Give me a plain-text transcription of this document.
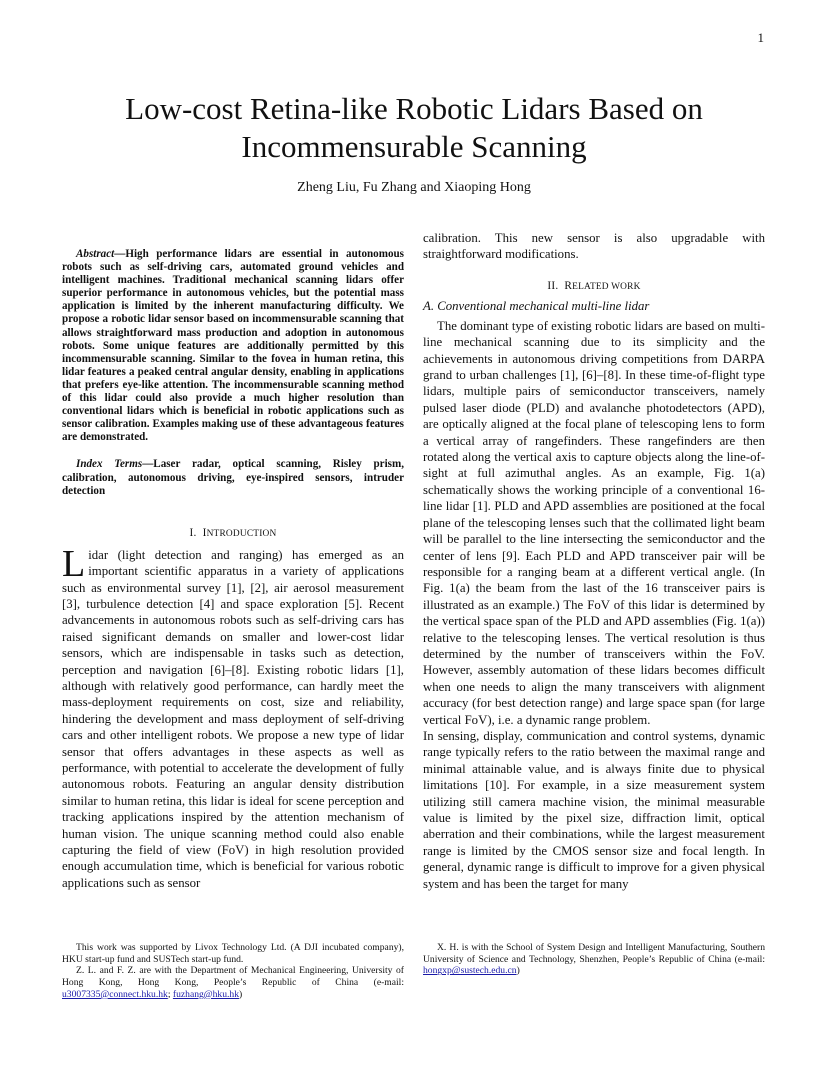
1
Low-cost Retina-like Robotic Lidars Based on
Incommensurable Scanning
Zheng Liu, Fu Zhang and Xiaoping Hong

Abstract—High performance lidars are essential in autonomous robots such as self-driving cars, automated ground vehicles and intelligent machines. Traditional mechanical scanning lidars offer superior performance in autonomous vehicles, but the potential mass application is limited by the inherent manufacturing difficulty. We propose a robotic lidar sensor based on incommensurable scanning that allows straightforward mass production and adoption in autonomous robots. Some unique features are additionally permitted by this incommensurable scanning. Similar to the fovea in human retina, this lidar features a peaked central angular density, enabling in applications that prefers eye-like attention. The incommensurable scanning method of this lidar could also provide a much higher resolution than conventional lidars which is beneficial in robotic applications such as sensor calibration. Examples making use of these advantageous features are demonstrated.

Index Terms—Laser radar, optical scanning, Risley prism, calibration, autonomous driving, eye-inspired sensors, intruder detection

I. INTRODUCTION

Lidar (light detection and ranging) has emerged as an important scientific apparatus in a variety of applications such as environmental survey [1], [2], air aerosol measurement [3], turbulence detection [4] and space exploration [5]. Recent advancements in autonomous robots such as self-driving cars has raised significant demands on smaller and lower-cost lidar sensors, which are indispensable in tasks such as detection, perception and navigation [6]–[8]. Existing robotic lidars [1], although with relatively good performance, can hardly meet the mass-deployment requirements on cost, size and reliability, hindering the development and mass deployment of self-driving cars and other intelligent robots. We propose a new type of lidar sensor that offers advantages in these aspects as well as performance, with potential to accelerate the development of fully autonomous robots. Featuring an angular density distribution similar to human retina, this lidar is ideal for scene perception and tracking applications inspired by the attention mechanism of human vision. The unique scanning method could also enable capturing the field of view (FoV) in high resolution provided enough accumulation time, which is beneficial for various robotic applications such as sensor

calibration. This new sensor is also upgradable with straightforward modifications.

II. RELATED WORK
A. Conventional mechanical multi-line lidar

The dominant type of existing robotic lidars are based on multi-line mechanical scanning due to its simplicity and the achievements in autonomous driving competitions from DARPA grand to urban challenges [1], [6]–[8]. In these time-of-flight type lidars, multiple pairs of semiconductor transceivers, namely pulsed laser diode (PLD) and avalanche photodetectors (APD), are optically aligned at the focal plane of telescoping lens to form a vertical array of rangefinders. These rangefinders are then rotated along the vertical axis to capture objects along the line-of-sight at full azimuthal angles. As an example, Fig. 1(a) schematically shows the working principle of a conventional 16-line lidar [1]. PLD and APD assemblies are positioned at the focal plane of the telescoping lenses such that the collimated light beam will be parallel to the line intersecting the semiconductor and the center of lens [9]. Each PLD and APD transceiver pair will be responsible for a ranging beam at a different vertical angle. (In Fig. 1(a) the beam from the last of the 16 transceiver pairs is illustrated as an example.) The FoV of this lidar is determined by the vertical space span of the PLD and APD assemblies (Fig. 1(a)) relative to the telescoping lenses. The vertical resolution is thus determined by the number of transceivers within the FoV. However, assembly automation of these lidars becomes difficult when one needs to align the many transceivers with alignment accuracy (for best detection range) and large space span (for large vertical FoV), i.e. a dynamic range problem.

In sensing, display, communication and control systems, dynamic range typically refers to the ratio between the maximal range and minimal attainable value, and is always finite due to physical limitations [10]. For example, in a size measurement system utilizing still camera machine vision, the minimal measurable value is limited by the pixel size, diffraction limit, optical aberration and their combinations, while the largest measurement range is limited by the CMOS sensor size and focal length. In general, dynamic range is difficult to improve for a given physical system and has been the target for many

This work was supported by Livox Technology Ltd. (A DJI incubated company), HKU start-up fund and SUSTech start-up fund.

Z. L. and F. Z. are with the Department of Mechanical Engineering, University of Hong Kong, Hong Kong, People’s Republic of China (e-mail: u3007335@connect.hku.hk; fuzhang@hku.hk)

X. H. is with the School of System Design and Intelligent Manufacturing, Southern University of Science and Technology, Shenzhen, People’s Republic of China (e-mail: hongxp@sustech.edu.cn)
